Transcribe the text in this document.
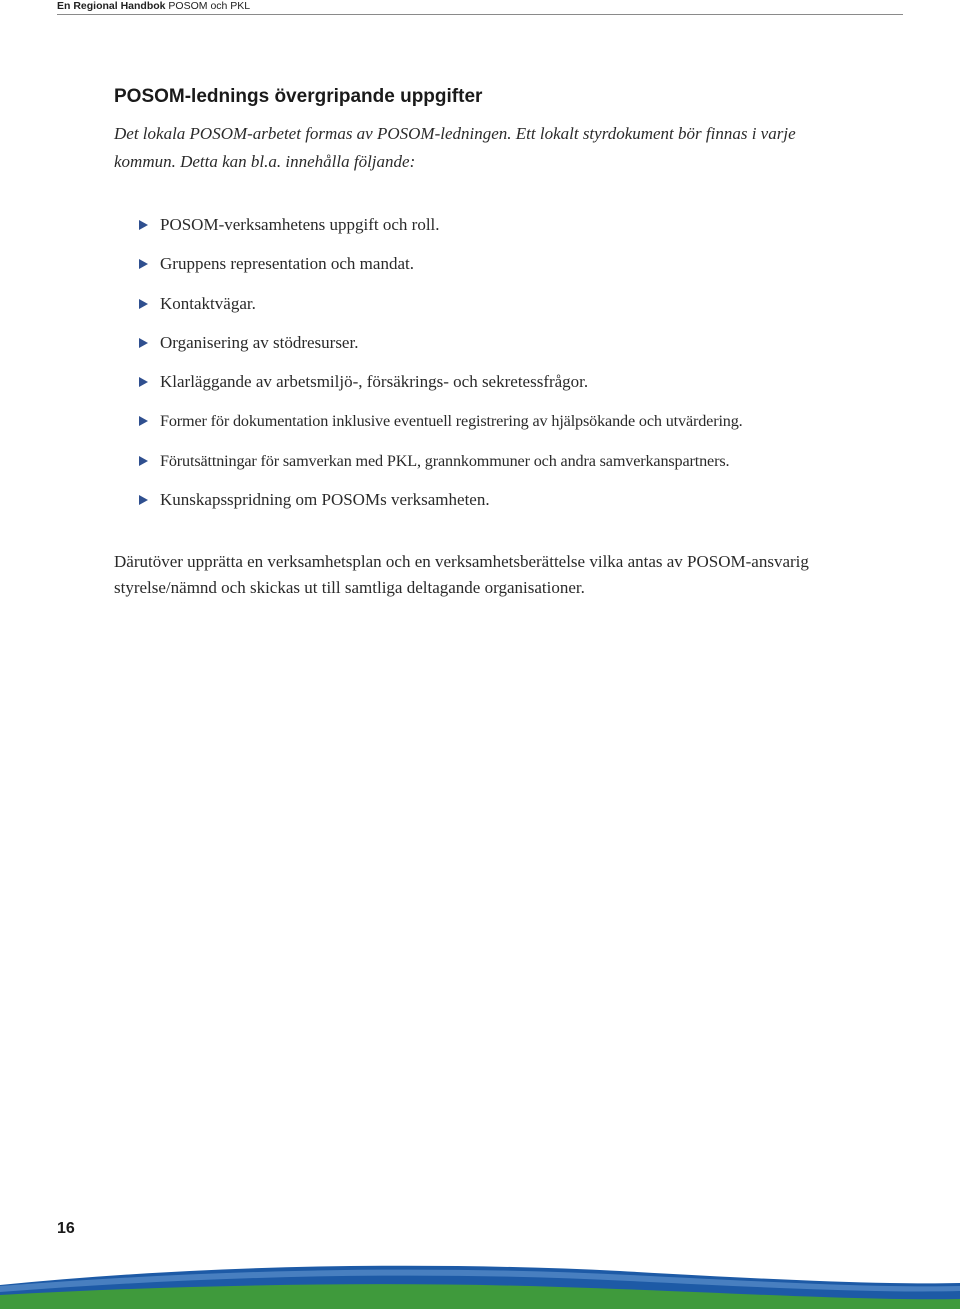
En Regional Handbok POSOM och PKL
POSOM-lednings övergripande uppgifter

Det lokala POSOM-arbetet formas av POSOM-ledningen. Ett lokalt styrdokument bör finnas i varje kommun. Detta kan bl.a. innehålla följande:

POSOM-verksamhetens uppgift och roll.
Gruppens representation och mandat.
Kontaktvägar.
Organisering av stödresurser.
Klarläggande av arbetsmiljö-, försäkrings- och sekretessfrågor.
Former för dokumentation inklusive eventuell registrering av hjälpsökande och utvärdering.
Förutsättningar för samverkan med PKL, grannkommuner och andra samverkanspartners.
Kunskapsspridning om POSOMs verksamheten.

Därutöver upprätta en verksamhetsplan och en verksamhetsberättelse vilka antas av POSOM-ansvarig styrelse/nämnd och skickas ut till samtliga deltagande organisationer.

16
